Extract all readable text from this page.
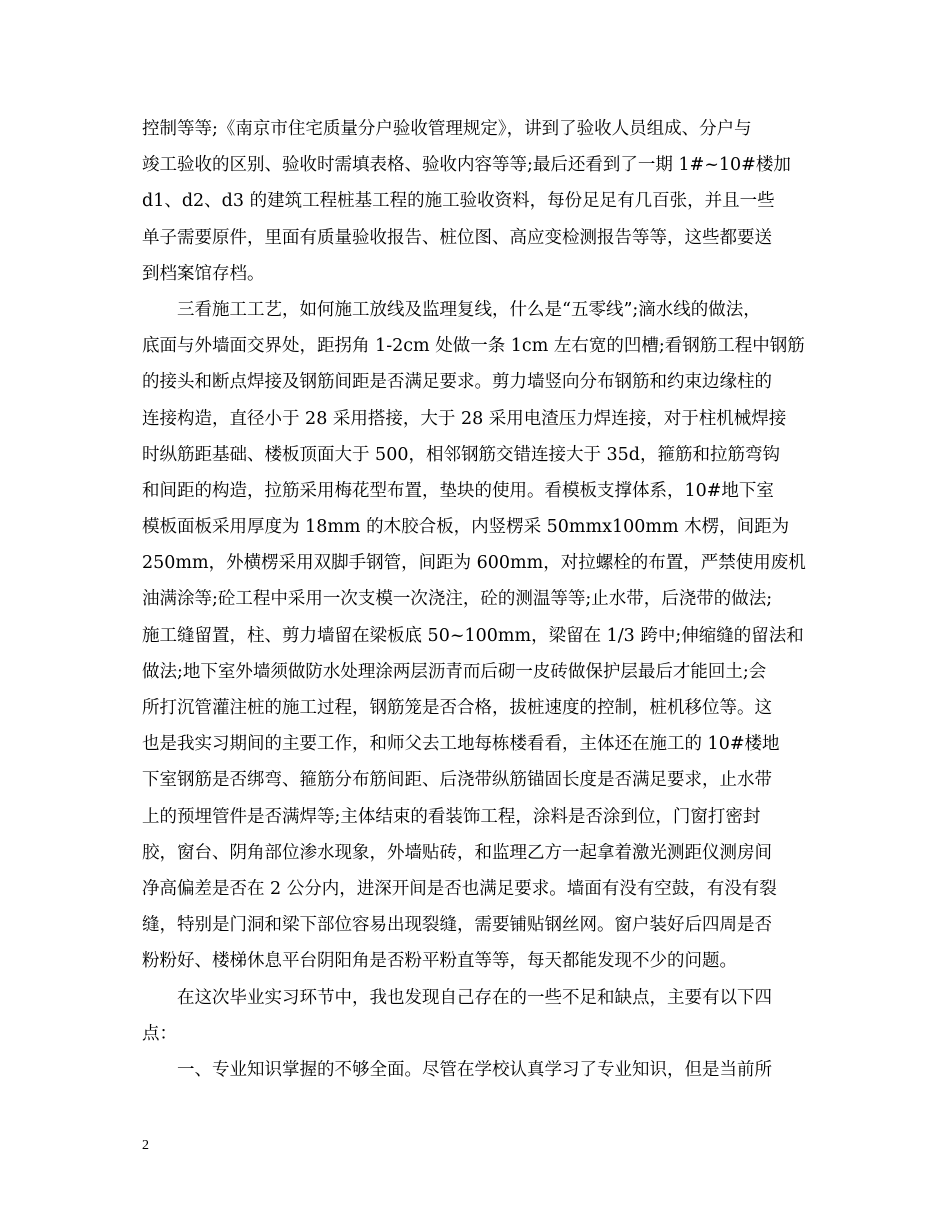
控制等等;《南京市住宅质量分户验收管理规定》，讲到了验收人员组成、分户与
竣工验收的区别、验收时需填表格、验收内容等等;最后还看到了一期 1#~10#楼加
d1、d2、d3 的建筑工程桩基工程的施工验收资料，每份足足有几百张，并且一些
单子需要原件，里面有质量验收报告、桩位图、高应变检测报告等等，这些都要送
到档案馆存档。
　　三看施工工艺，如何施工放线及监理复线，什么是“五零线”;滴水线的做法，
底面与外墙面交界处，距拐角 1-2cm 处做一条 1cm 左右宽的凹槽;看钢筋工程中钢筋
的接头和断点焊接及钢筋间距是否满足要求。剪力墙竖向分布钢筋和约束边缘柱的
连接构造，直径小于 28 采用搭接，大于 28 采用电渣压力焊连接，对于柱机械焊接
时纵筋距基础、楼板顶面大于 500，相邻钢筋交错连接大于 35d，箍筋和拉筋弯钩
和间距的构造，拉筋采用梅花型布置，垫块的使用。看模板支撑体系，10#地下室
模板面板采用厚度为 18mm 的木胶合板，内竖楞采 50mmx100mm 木楞，间距为
250mm，外横楞采用双脚手钢管，间距为 600mm，对拉螺栓的布置，严禁使用废机
油满涂等;砼工程中采用一次支模一次浇注，砼的测温等等;止水带，后浇带的做法;
施工缝留置，柱、剪力墙留在梁板底 50~100mm，梁留在 1/3 跨中;伸缩缝的留法和
做法;地下室外墙须做防水处理涂两层沥青而后砌一皮砖做保护层最后才能回土;会
所打沉管灌注桩的施工过程，钢筋笼是否合格，拔桩速度的控制，桩机移位等。这
也是我实习期间的主要工作，和师父去工地每栋楼看看，主体还在施工的 10#楼地
下室钢筋是否绑弯、箍筋分布筋间距、后浇带纵筋锚固长度是否满足要求，止水带
上的预埋管件是否满焊等;主体结束的看装饰工程，涂料是否涂到位，门窗打密封
胶，窗台、阴角部位渗水现象，外墙贴砖，和监理乙方一起拿着激光测距仪测房间
净高偏差是否在 2 公分内，进深开间是否也满足要求。墙面有没有空鼓，有没有裂
缝，特别是门洞和梁下部位容易出现裂缝，需要铺贴钢丝网。窗户装好后四周是否
粉粉好、楼梯休息平台阴阳角是否粉平粉直等等，每天都能发现不少的问题。
　　在这次毕业实习环节中，我也发现自己存在的一些不足和缺点，主要有以下四
点：
　　一、专业知识掌握的不够全面。尽管在学校认真学习了专业知识，但是当前所
2
